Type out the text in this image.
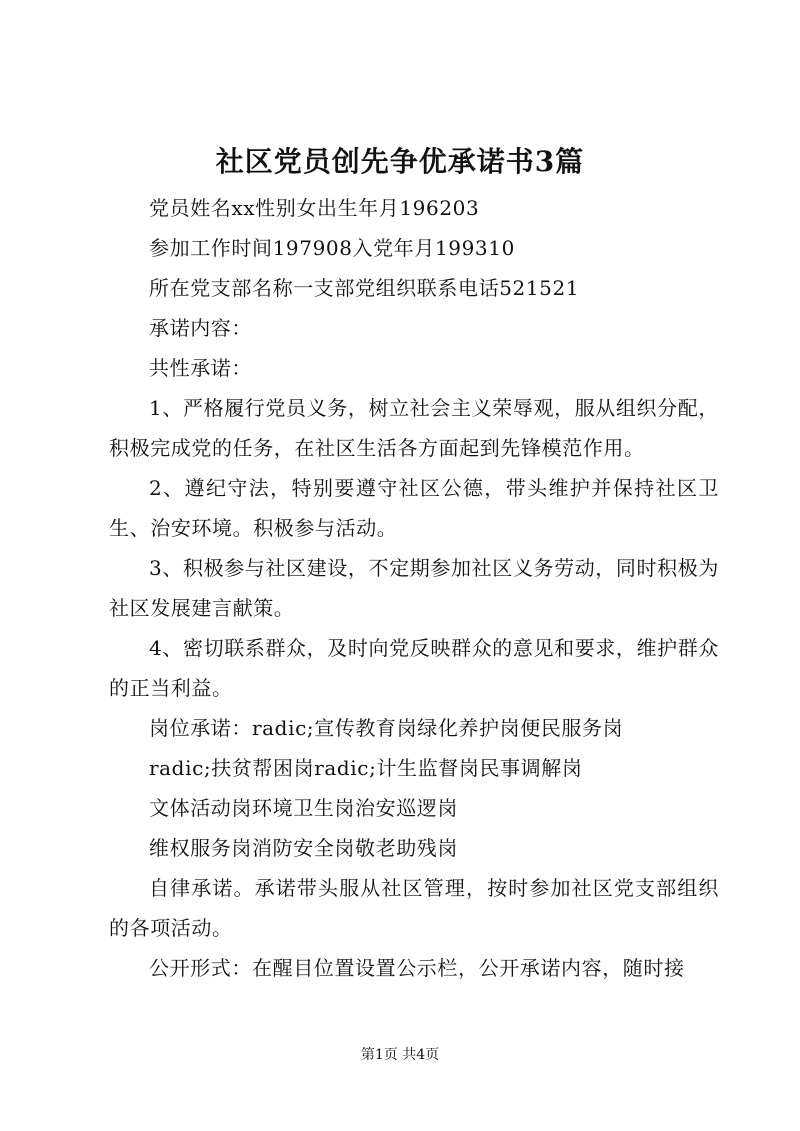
社区党员创先争优承诺书3篇

党员姓名xx性别女出生年月196203

参加工作时间197908入党年月199310

所在党支部名称一支部党组织联系电话521521

承诺内容：

共性承诺：

1、严格履行党员义务，树立社会主义荣辱观，服从组织分配，积极完成党的任务，在社区生活各方面起到先锋模范作用。

2、遵纪守法，特别要遵守社区公德，带头维护并保持社区卫生、治安环境。积极参与活动。

3、积极参与社区建设，不定期参加社区义务劳动，同时积极为社区发展建言献策。

4、密切联系群众，及时向党反映群众的意见和要求，维护群众的正当利益。

岗位承诺：radic;宣传教育岗绿化养护岗便民服务岗

radic;扶贫帮困岗radic;计生监督岗民事调解岗

文体活动岗环境卫生岗治安巡逻岗

维权服务岗消防安全岗敬老助残岗

自律承诺。承诺带头服从社区管理，按时参加社区党支部组织的各项活动。

公开形式：在醒目位置设置公示栏，公开承诺内容，随时接

第1页 共4页
